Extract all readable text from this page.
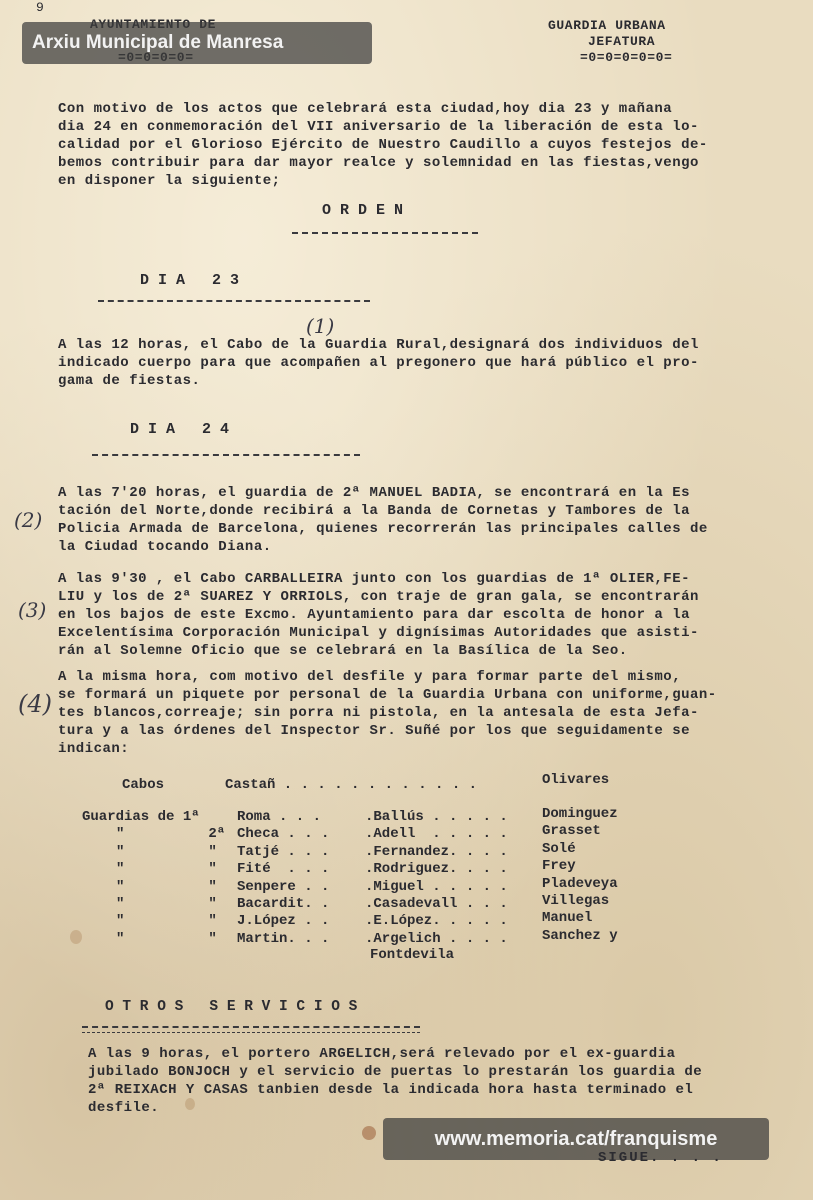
9
GUARDIA URBANA
JEFATURA
=0=0=0=0=0=
Arxiu Municipal de Manresa
Con motivo de los actos que celebrará esta ciudad,hoy dia 23 y mañana
dia 24 en conmemoración del VII aniversario de la liberación de esta lo-
calidad por el Glorioso Ejército de Nuestro Caudillo a cuyos festejos de-
bemos contribuir para dar mayor realce y solemnidad en las fiestas,vengo
en disponer la siguiente;
O R D E N
D I A   2 3
(1)
A las 12 horas, el Cabo de la Guardia Rural,designará dos individuos del
indicado cuerpo para que acompañen al pregonero que hará público el pro-
gama de fiestas.
D I A   2 4
(2)
A las 7'20 horas, el guardia de 2ª MANUEL BADIA, se encontrará en la Es
tación del Norte,donde recibirá a la Banda de Cornetas y Tambores de la
Policia Armada de Barcelona, quienes recorrerán las principales calles de
la Ciudad tocando Diana.
(3)
A las 9'30 , el Cabo CARBALLEIRA junto con los guardias de 1ª OLIER,FE-
LIU y los de 2ª SUAREZ Y ORRIOLS, con traje de gran gala, se encontrarán
en los bajos de este Excmo. Ayuntamiento para dar escolta de honor a la
Excelentísima Corporación Municipal y dignísimas Autoridades que asisti-
rán al Solemne Oficio que se celebrará en la Basílica de la Seo.
(4)
A la misma hora, com motivo del desfile y para formar parte del mismo,
se formará un piquete por personal de la Guardia Urbana con uniforme,guan-
tes blancos,correaje; sin porra ni pistola, en la antesala de esta Jefa-
tura y a las órdenes del Inspector Sr. Suñé por los que seguidamente se
indican:
Cabos	Castañ . . . . . . . . . . . .	Olivares
Guardias de 1ª	Roma . . .	.Ballús . . . . . Dominguez
"          2ª Checa . . .	.Adell  . . . . . Grasset
"          " Tatjé . . .	.Fernandez. . . . Solé
"          " Fité  . . .	.Rodriguez. . . . Frey
"          " Senpere . .	.Miguel . . . . . Pladeveya
"          " Bacardit. .	.Casadevall . . . Villegas
"          " J.López . .	.E.López. . . . . Manuel
"          " Martin. . .	.Argelich . . . . Sanchez y
Fontdevila
O T R O S   S E R V I C I O S
A las 9 horas, el portero ARGELICH,será relevado por el ex-guardia
jubilado BONJOCH y el servicio de puertas lo prestarán los guardia de
2ª REIXACH Y CASAS tanbien desde la indicada hora hasta terminado el
desfile.
www.memoria.cat/franquisme
SIGUE. . . .
